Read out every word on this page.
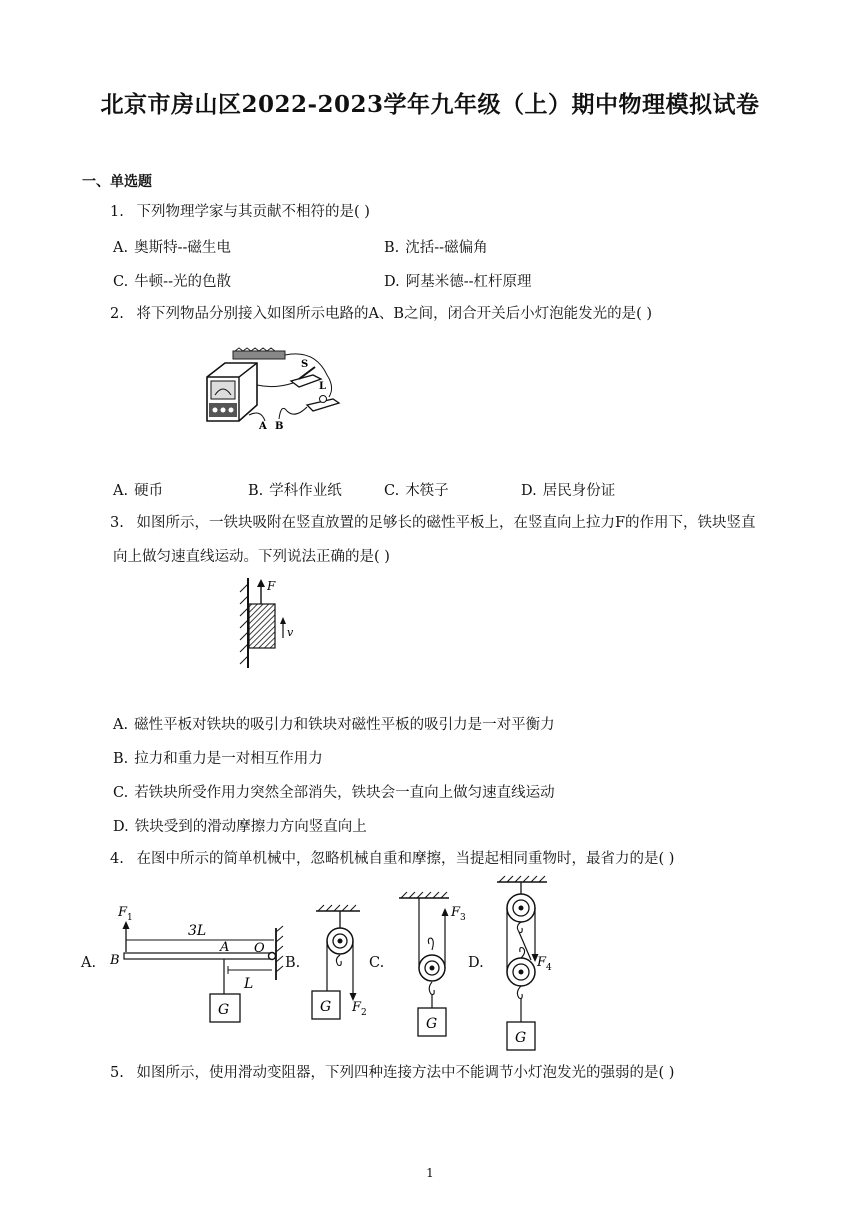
北京市房山区2022-2023学年九年级（上）期中物理模拟试卷
一、单选题
1. 下列物理学家与其贡献不相符的是( )
A. 奥斯特--磁生电	B. 沈括--磁偏角
C. 牛顿--光的色散	D. 阿基米德--杠杆原理
2. 将下列物品分别接入如图所示电路的A、B之间，闭合开关后小灯泡能发光的是( )
S
L
A B
A. 硬币	B. 学科作业纸	C. 木筷子	D. 居民身份证
3. 如图所示，一铁块吸附在竖直放置的足够长的磁性平板上，在竖直向上拉力F的作用下，铁块竖直
向上做匀速直线运动。下列说法正确的是( )
F
v
A. 磁性平板对铁块的吸引力和铁块对磁性平板的吸引力是一对平衡力
B. 拉力和重力是一对相互作用力
C. 若铁块所受作用力突然全部消失，铁块会一直向上做匀速直线运动
D. 铁块受到的滑动摩擦力方向竖直向上
4. 在图中所示的简单机械中，忽略机械自重和摩擦，当提起相同重物时，最省力的是( )
A.
F 1
3L
B
A O
L
G
B.
G F 2
C.
F 3
G
D.	F 4
G
5. 如图所示，使用滑动变阻器，下列四种连接方法中不能调节小灯泡发光的强弱的是( )
1
